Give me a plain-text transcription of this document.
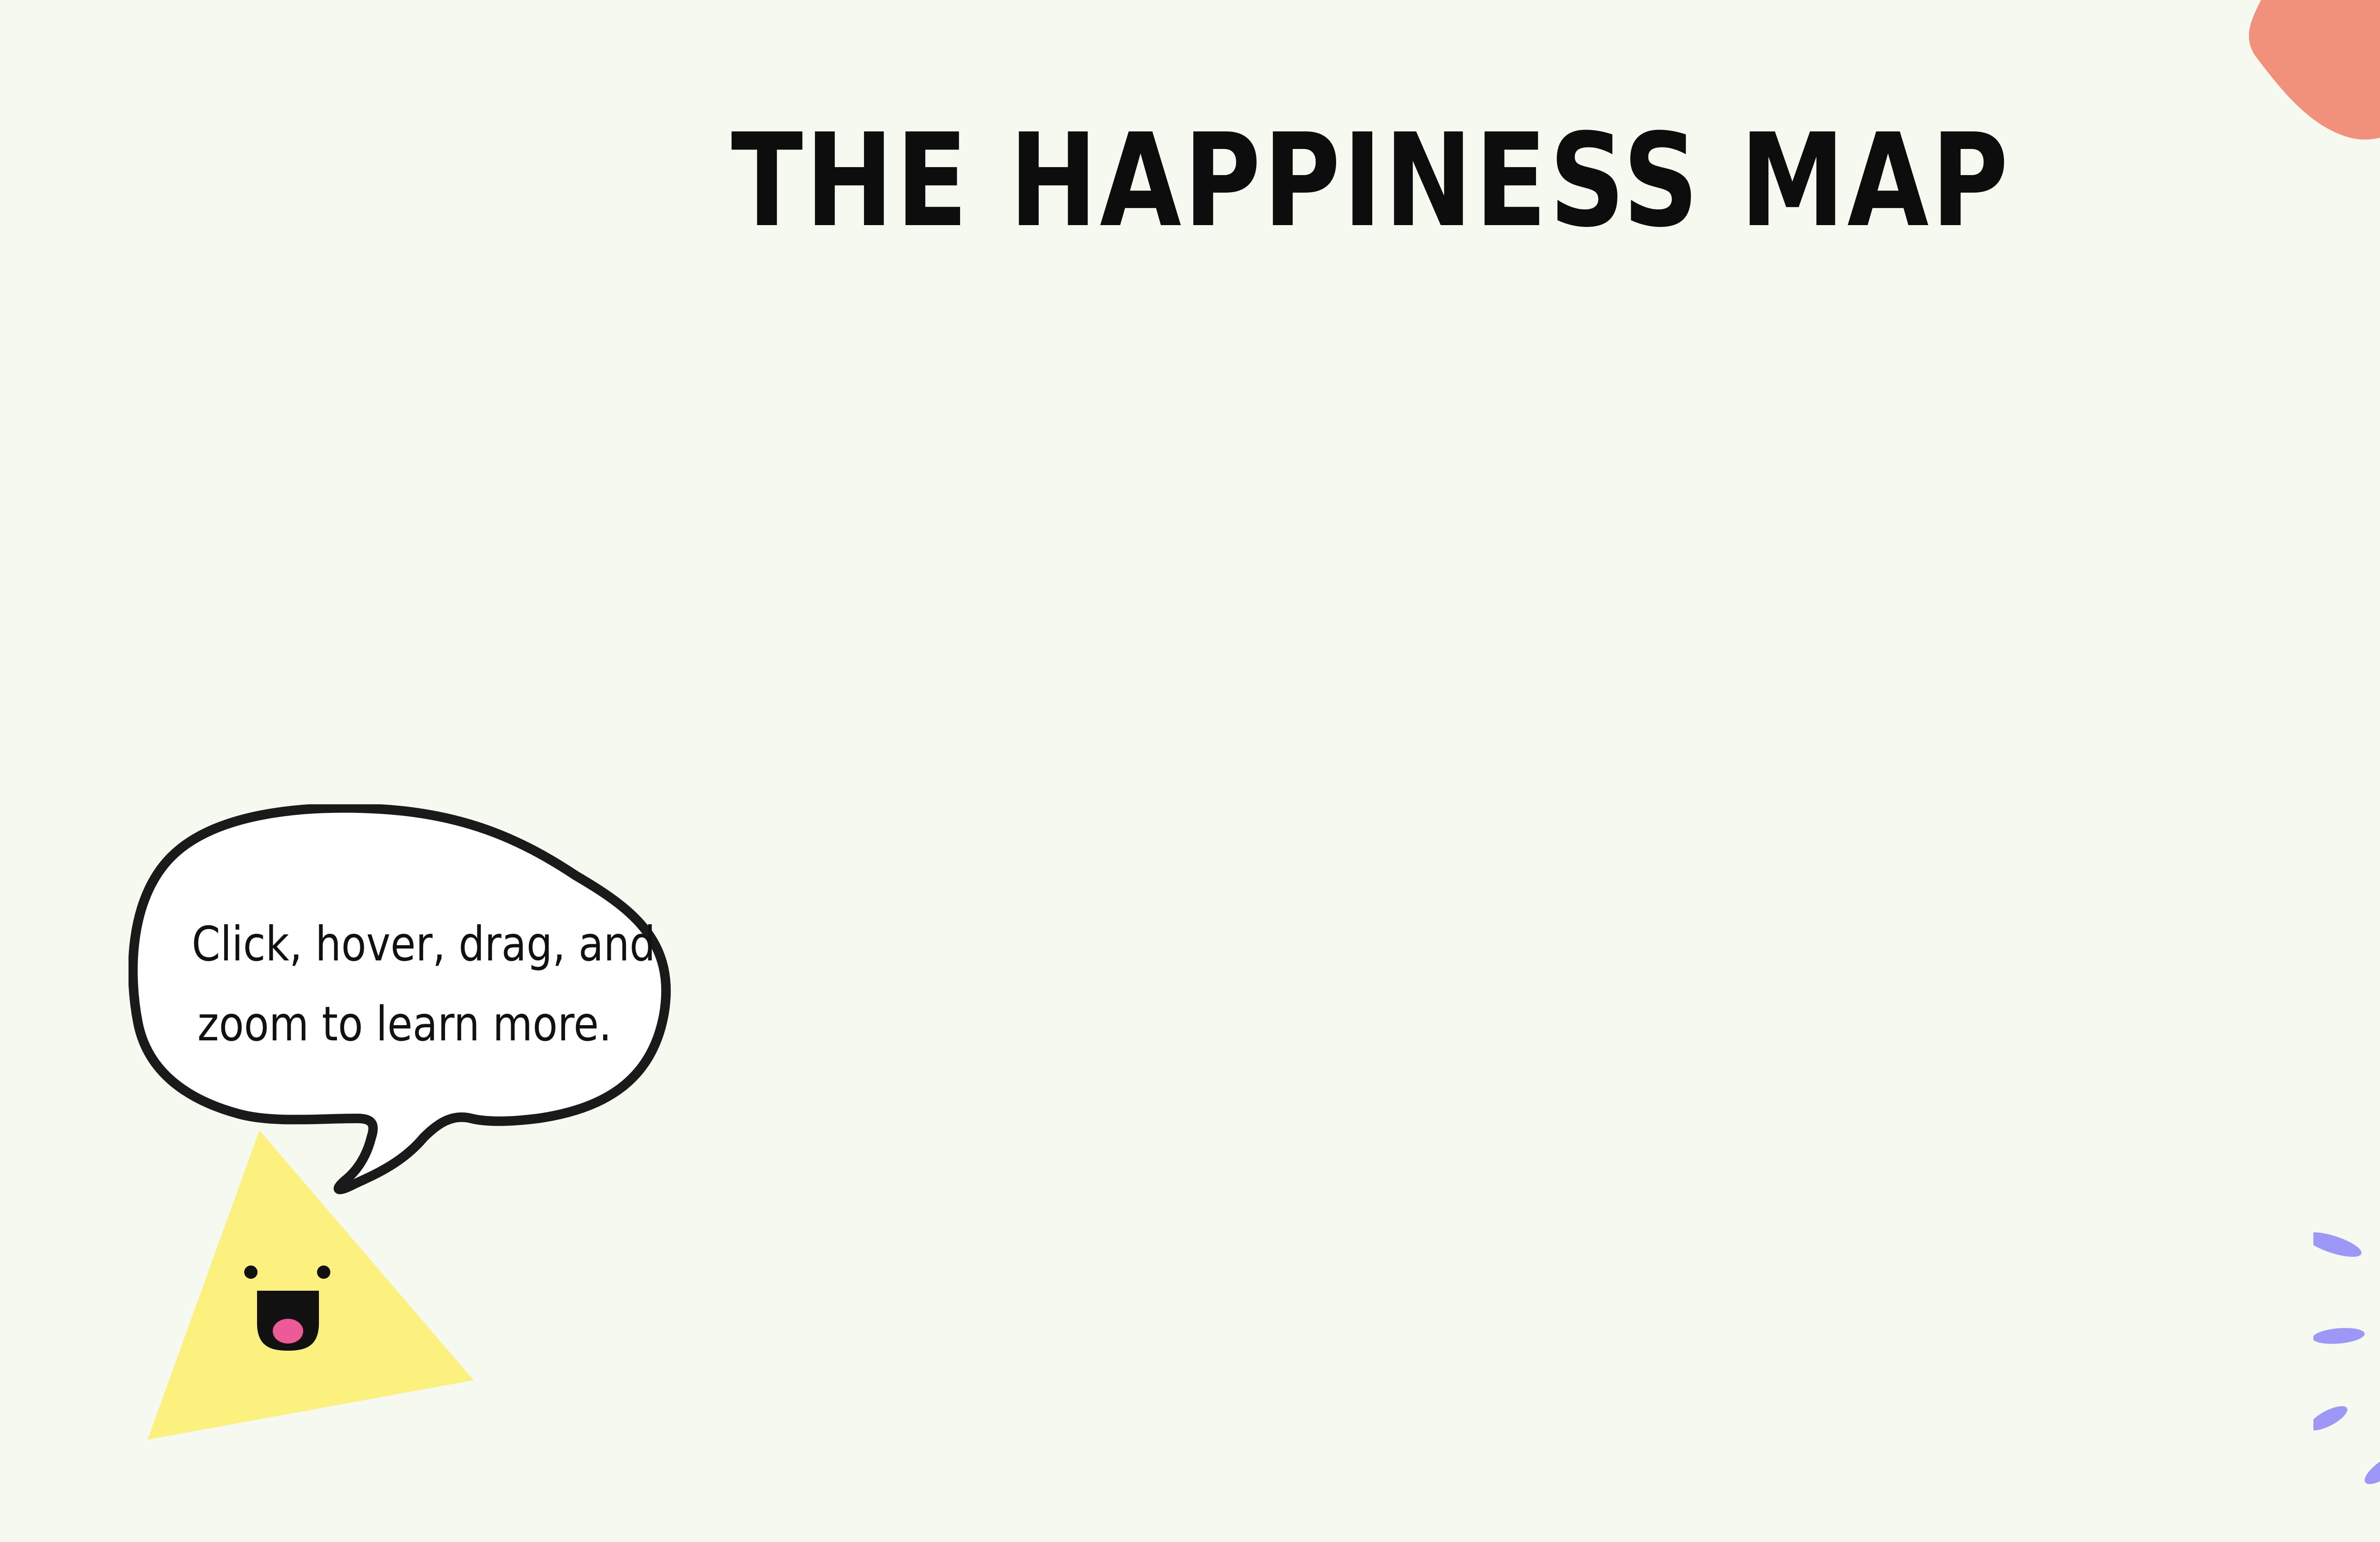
THE HAPPINESS MAP
Click, hover, drag, and
zoom to learn more.
